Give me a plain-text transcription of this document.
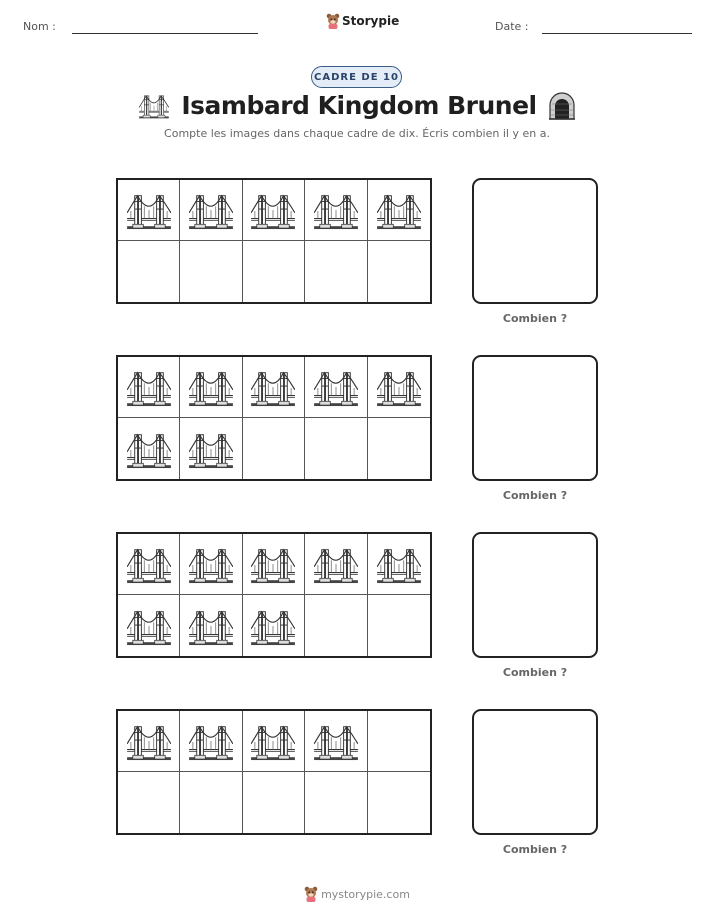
Nom :	Storypie	Date :
CADRE DE 10
Isambard Kingdom Brunel
Compte les images dans chaque cadre de dix. Écris combien il y en a.
Combien ?
Combien ?
Combien ?
Combien ?
mystorypie.com
